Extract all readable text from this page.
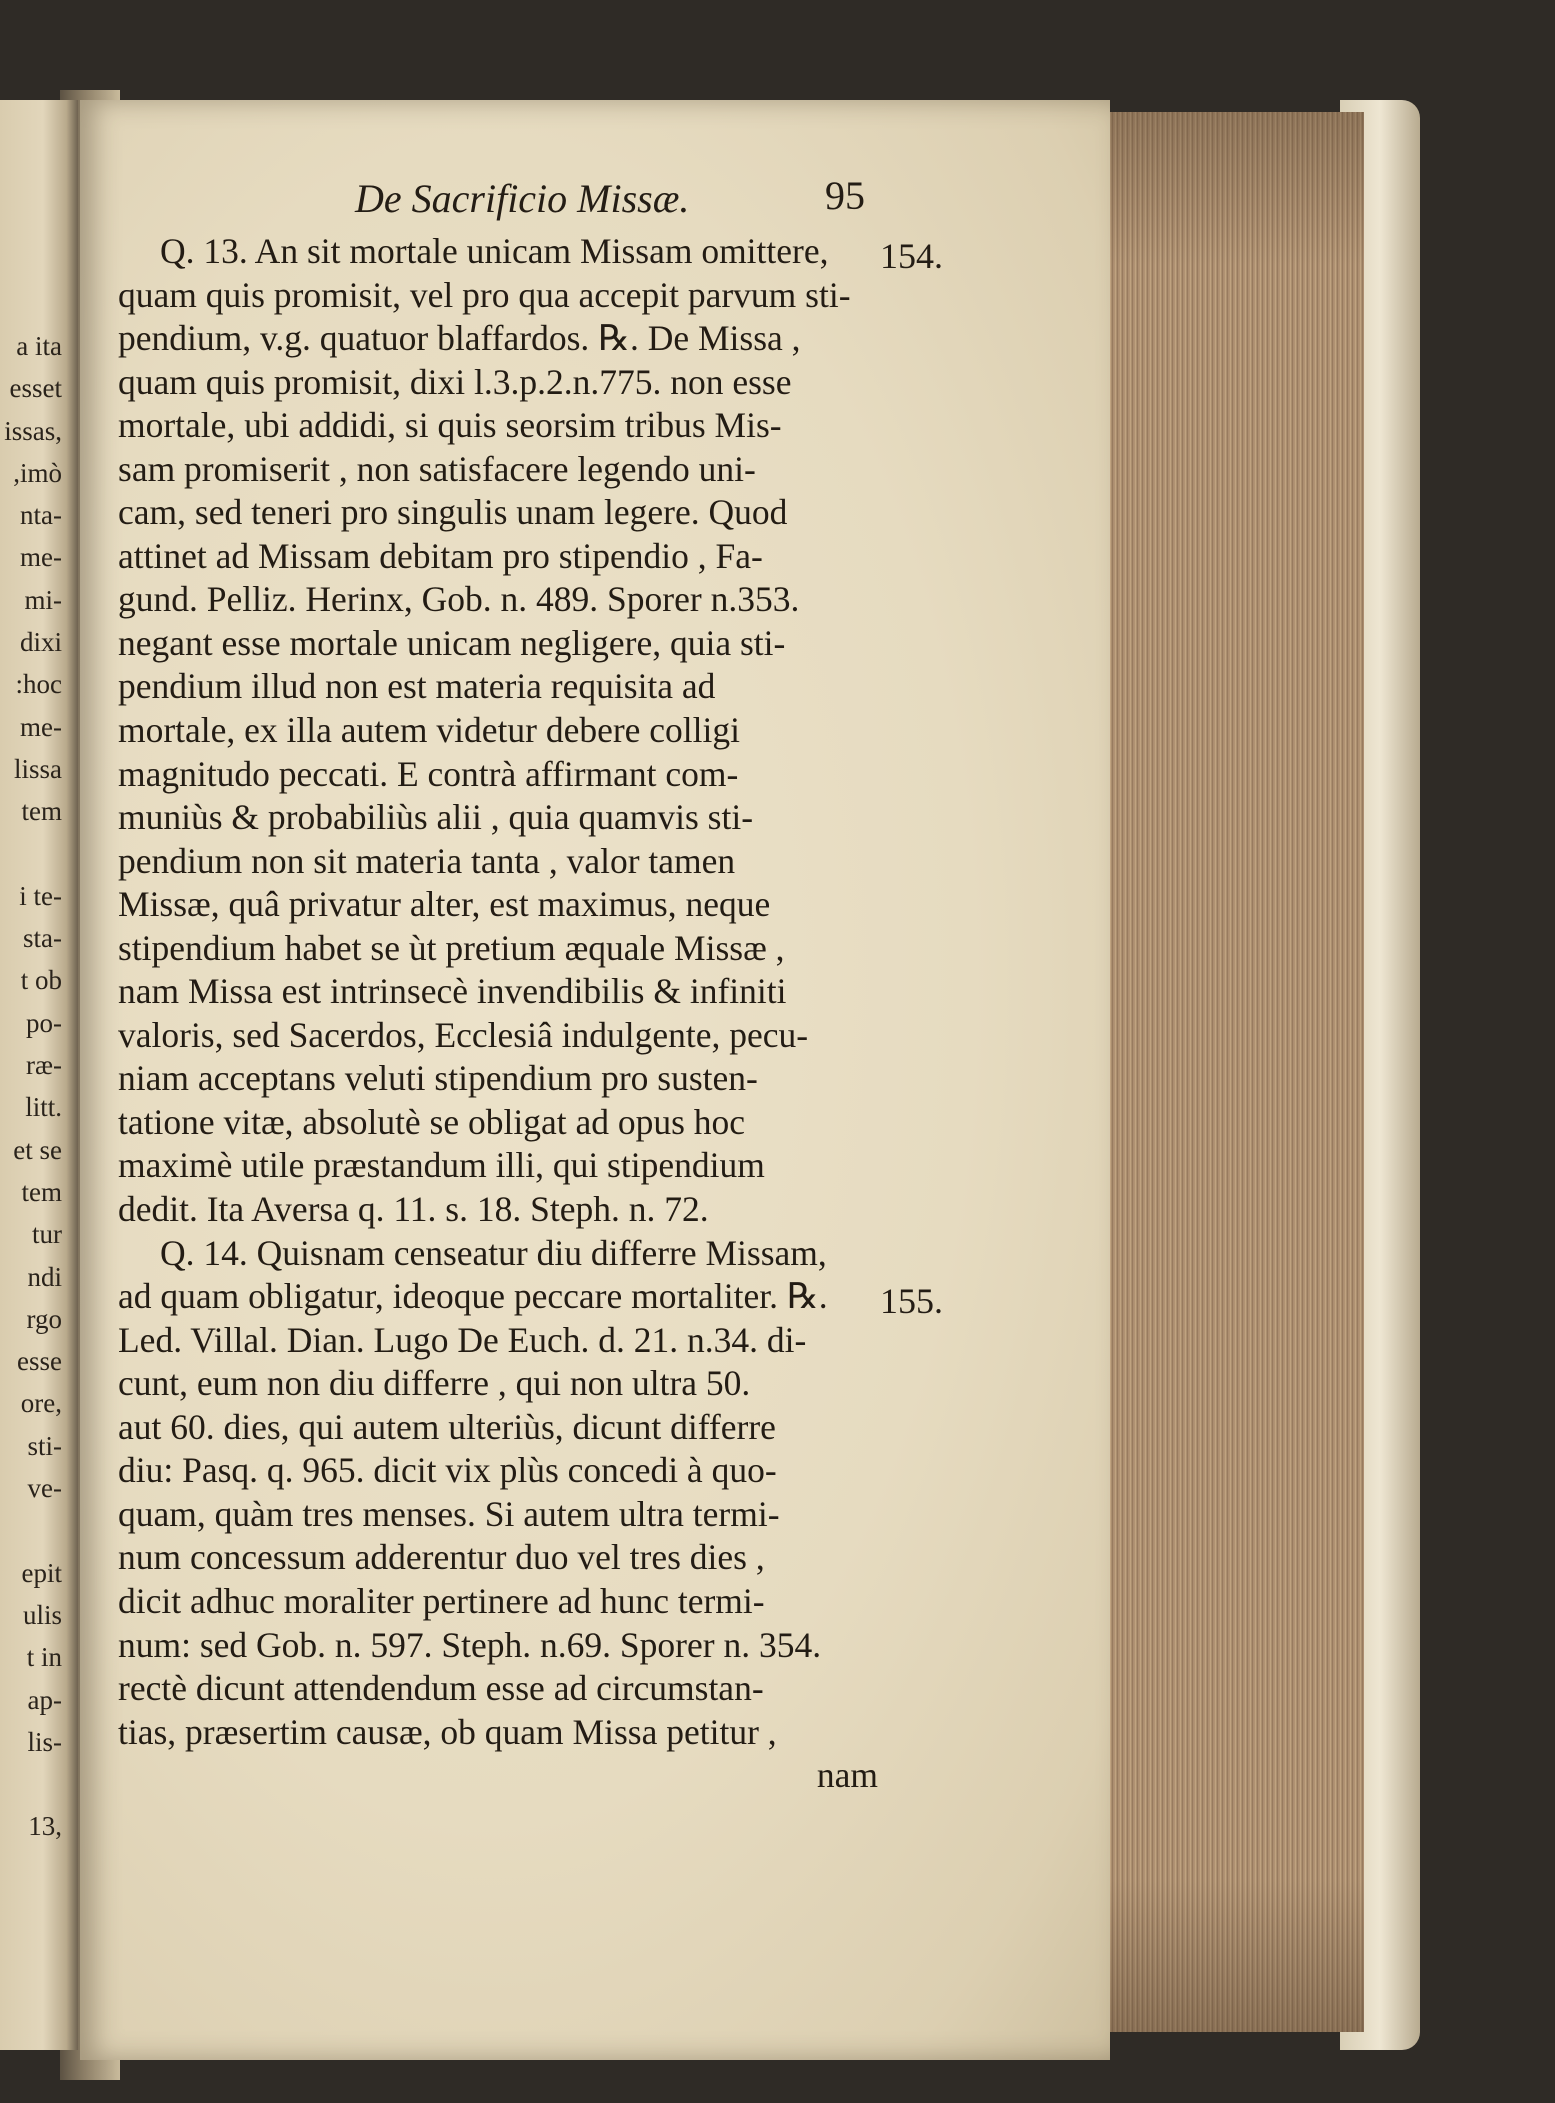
a ita
esset
issas,
,imò
nta-
me-
mi-
dixi
:hoc
me-
lissa
tem
i te-
sta-
t ob
po-
ræ-
litt.
et se
tem
tur
ndi
rgo
esse
ore,
sti-
ve-
epit
ulis
t in
ap-
lis-
13,
De Sacrificio Missæ.	95
154.
155.
Q. 13. An sit mortale unicam Missam omittere,
quam quis promisit, vel pro qua accepit parvum sti-
pendium, v.g. quatuor blaffardos. ℞. De Missa ,
quam quis promisit, dixi l.3.p.2.n.775. non esse
mortale, ubi addidi, si quis seorsim tribus Mis-
sam promiserit , non satisfacere legendo uni-
cam, sed teneri pro singulis unam legere. Quod
attinet ad Missam debitam pro stipendio , Fa-
gund. Pelliz. Herinx, Gob. n. 489. Sporer n.353.
negant esse mortale unicam negligere, quia sti-
pendium illud non est materia requisita ad
mortale, ex illa autem videtur debere colligi
magnitudo peccati. E contrà affirmant com-
muniùs & probabiliùs alii , quia quamvis sti-
pendium non sit materia tanta , valor tamen
Missæ, quâ privatur alter, est maximus, neque
stipendium habet se ùt pretium æquale Missæ ,
nam Missa est intrinsecè invendibilis & infiniti
valoris, sed Sacerdos, Ecclesiâ indulgente, pecu-
niam acceptans veluti stipendium pro susten-
tatione vitæ, absolutè se obligat ad opus hoc
maximè utile præstandum illi, qui stipendium
dedit. Ita Aversa q. 11. s. 18. Steph. n. 72.
Q. 14. Quisnam censeatur diu differre Missam,
ad quam obligatur, ideoque peccare mortaliter. ℞.
Led. Villal. Dian. Lugo De Euch. d. 21. n.34. di-
cunt, eum non diu differre , qui non ultra 50.
aut 60. dies, qui autem ulteriùs, dicunt differre
diu: Pasq. q. 965. dicit vix plùs concedi à quo-
quam, quàm tres menses. Si autem ultra termi-
num concessum adderentur duo vel tres dies ,
dicit adhuc moraliter pertinere ad hunc termi-
num: sed Gob. n. 597. Steph. n.69. Sporer n. 354.
rectè dicunt attendendum esse ad circumstan-
tias, præsertim causæ, ob quam Missa petitur ,
nam
